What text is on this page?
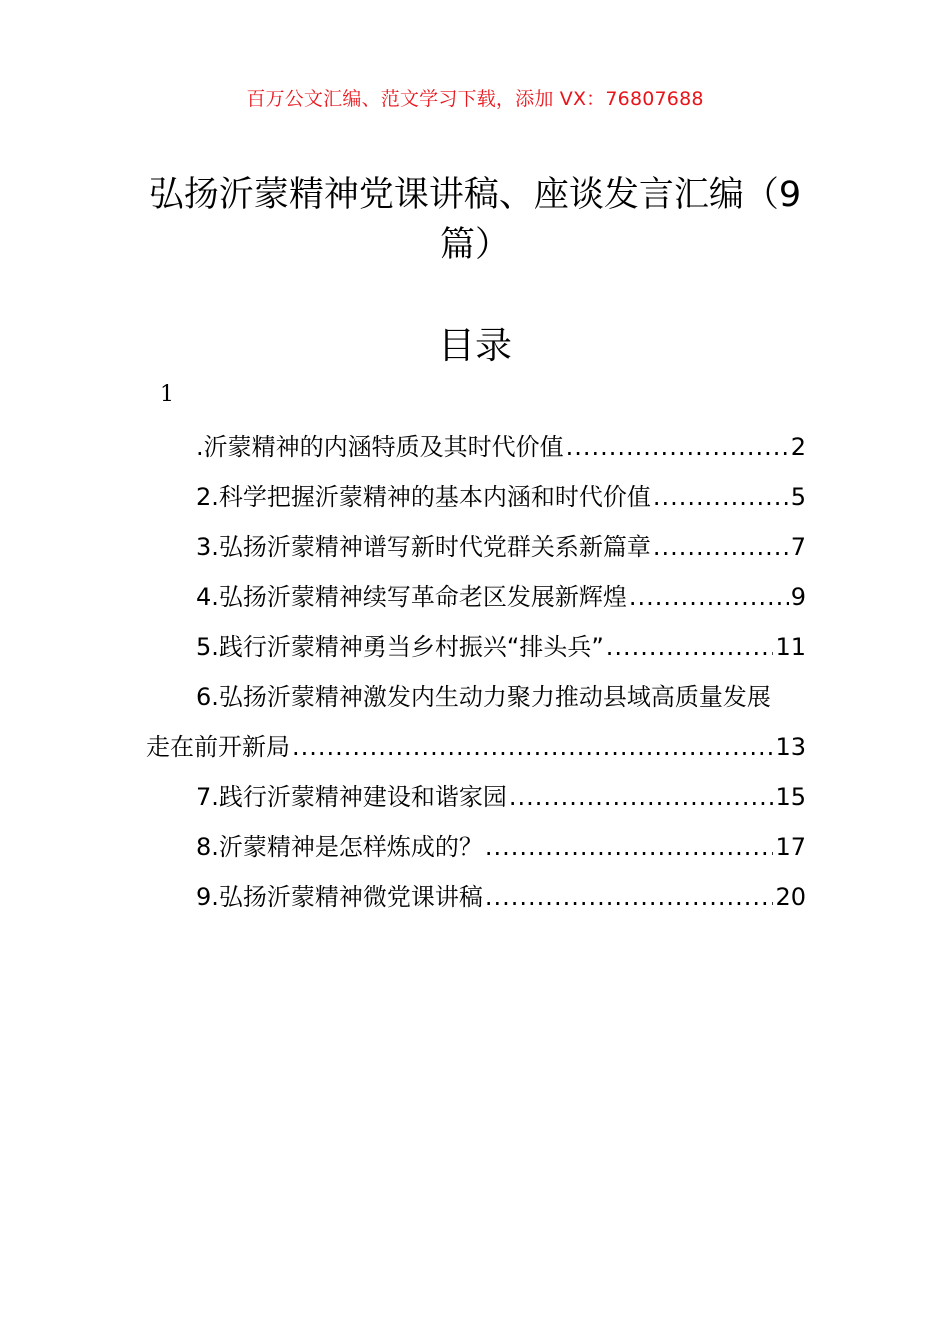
百万公文汇编、范文学习下载，添加 VX：76807688
弘扬沂蒙精神党课讲稿、座谈发言汇编（9
篇）
目录
1
.沂蒙精神的内涵特质及其时代价值 .....	2
2.科学把握沂蒙精神的基本内涵和时代价值 .....	5
3.弘扬沂蒙精神谱写新时代党群关系新篇章 .....	7
4.弘扬沂蒙精神续写革命老区发展新辉煌 .....	9
5.践行沂蒙精神勇当乡村振兴“排头兵” .....	11
6.弘扬沂蒙精神激发内生动力聚力推动县域高质量发展
走在前开新局 .....	13
7.践行沂蒙精神建设和谐家园 .....	15
8.沂蒙精神是怎样炼成的？ .....	17
9.弘扬沂蒙精神微党课讲稿 .....	20
